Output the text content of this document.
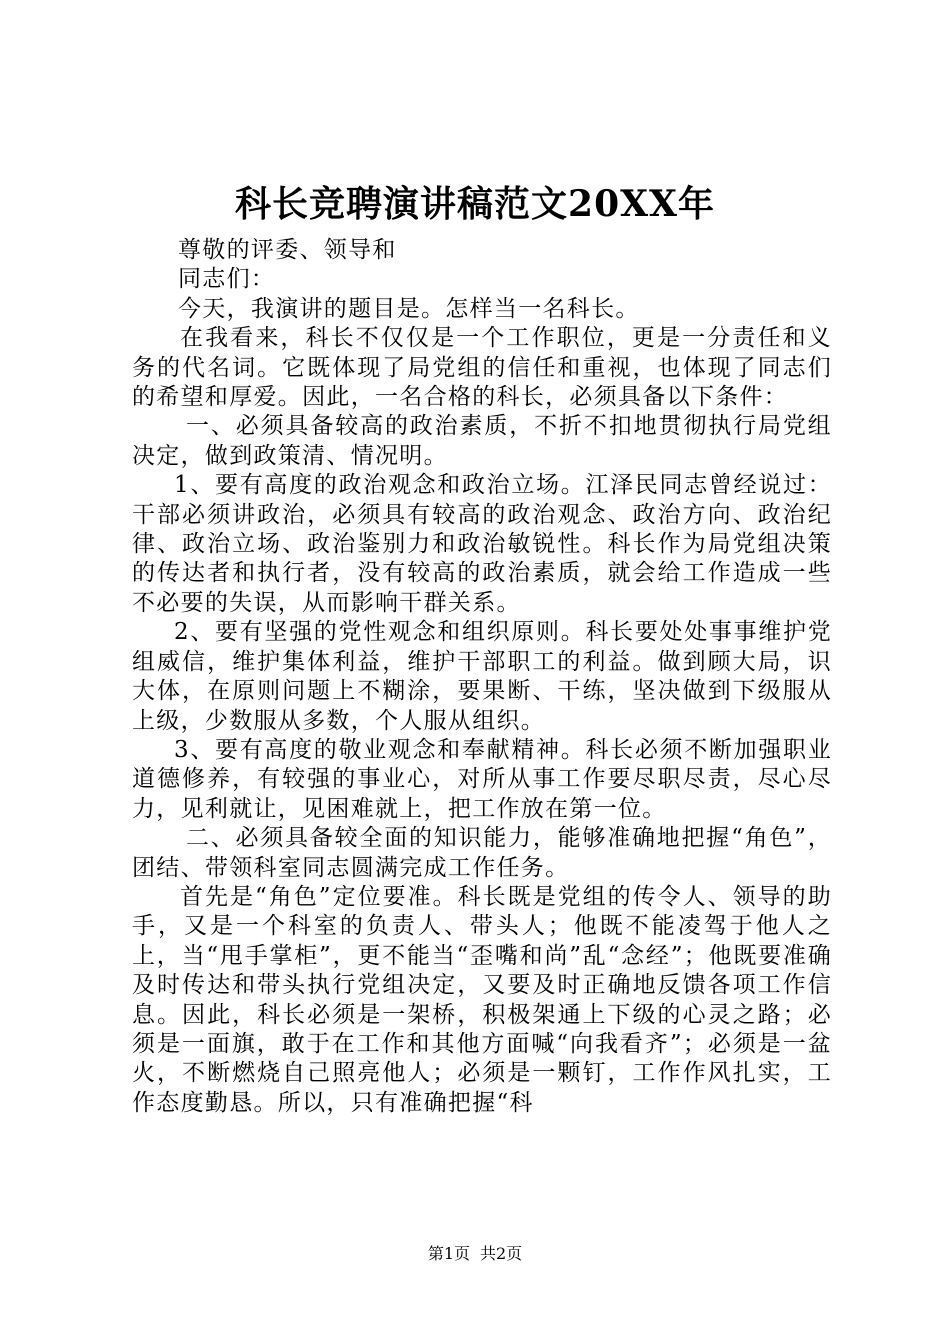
科长竞聘演讲稿范文20XX年

尊敬的评委、领导和

同志们：

今天，我演讲的题目是。怎样当一名科长。

在我看来，科长不仅仅是一个工作职位，更是一分责任和义务的代名词。它既体现了局党组的信任和重视，也体现了同志们的希望和厚爱。因此，一名合格的科长，必须具备以下条件：

一、必须具备较高的政治素质，不折不扣地贯彻执行局党组决定，做到政策清、情况明。

1、要有高度的政治观念和政治立场。江泽民同志曾经说过：干部必须讲政治，必须具有较高的政治观念、政治方向、政治纪律、政治立场、政治鉴别力和政治敏锐性。科长作为局党组决策的传达者和执行者，没有较高的政治素质，就会给工作造成一些不必要的失误，从而影响干群关系。

2、要有坚强的党性观念和组织原则。科长要处处事事维护党组威信，维护集体利益，维护干部职工的利益。做到顾大局，识大体，在原则问题上不糊涂，要果断、干练，坚决做到下级服从上级，少数服从多数，个人服从组织。

3、要有高度的敬业观念和奉献精神。科长必须不断加强职业道德修养，有较强的事业心，对所从事工作要尽职尽责，尽心尽力，见利就让，见困难就上，把工作放在第一位。

二、必须具备较全面的知识能力，能够准确地把握“角色”，团结、带领科室同志圆满完成工作任务。

首先是“角色”定位要准。科长既是党组的传令人、领导的助手，又是一个科室的负责人、带头人；他既不能凌驾于他人之上，当“甩手掌柜”，更不能当“歪嘴和尚”乱“念经”；他既要准确及时传达和带头执行党组决定，又要及时正确地反馈各项工作信息。因此，科长必须是一架桥，积极架通上下级的心灵之路；必须是一面旗，敢于在工作和其他方面喊“向我看齐”；必须是一盆火，不断燃烧自己照亮他人；必须是一颗钉，工作作风扎实，工作态度勤恳。所以，只有准确把握“科

第1页 共2页
